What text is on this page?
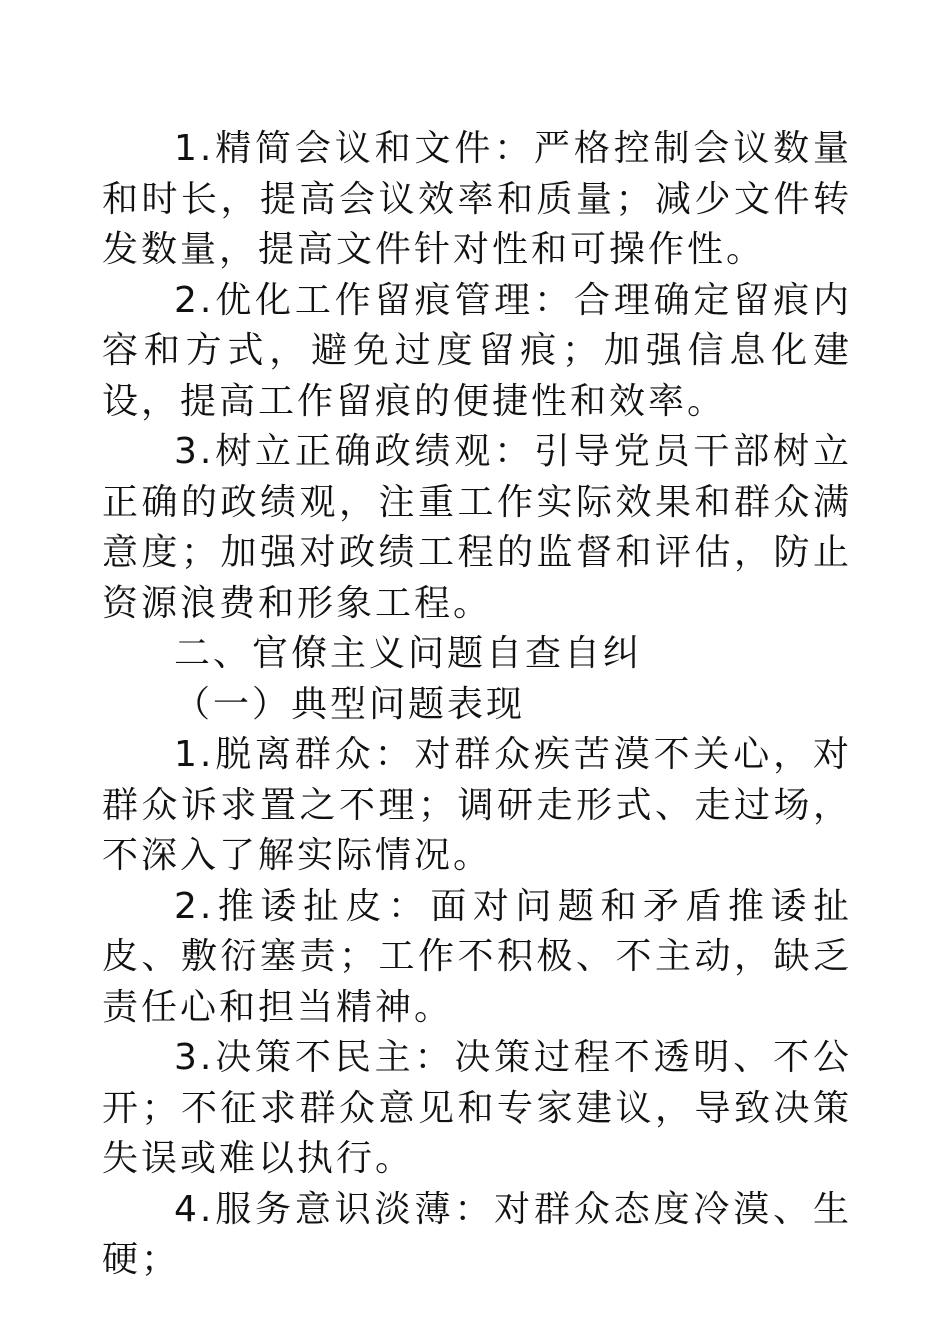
1.精简会议和文件：严格控制会议数量和时长，提高会议效率和质量；减少文件转发数量，提高文件针对性和可操作性。

2.优化工作留痕管理：合理确定留痕内容和方式，避免过度留痕；加强信息化建设，提高工作留痕的便捷性和效率。

3.树立正确政绩观：引导党员干部树立正确的政绩观，注重工作实际效果和群众满意度；加强对政绩工程的监督和评估，防止资源浪费和形象工程。

二、官僚主义问题自查自纠

（一）典型问题表现

1.脱离群众：对群众疾苦漠不关心，对群众诉求置之不理；调研走形式、走过场，不深入了解实际情况。

2.推诿扯皮：面对问题和矛盾推诿扯皮、敷衍塞责；工作不积极、不主动，缺乏责任心和担当精神。

3.决策不民主：决策过程不透明、不公开；不征求群众意见和专家建议，导致决策失误或难以执行。

4.服务意识淡薄：对群众态度冷漠、生硬；
